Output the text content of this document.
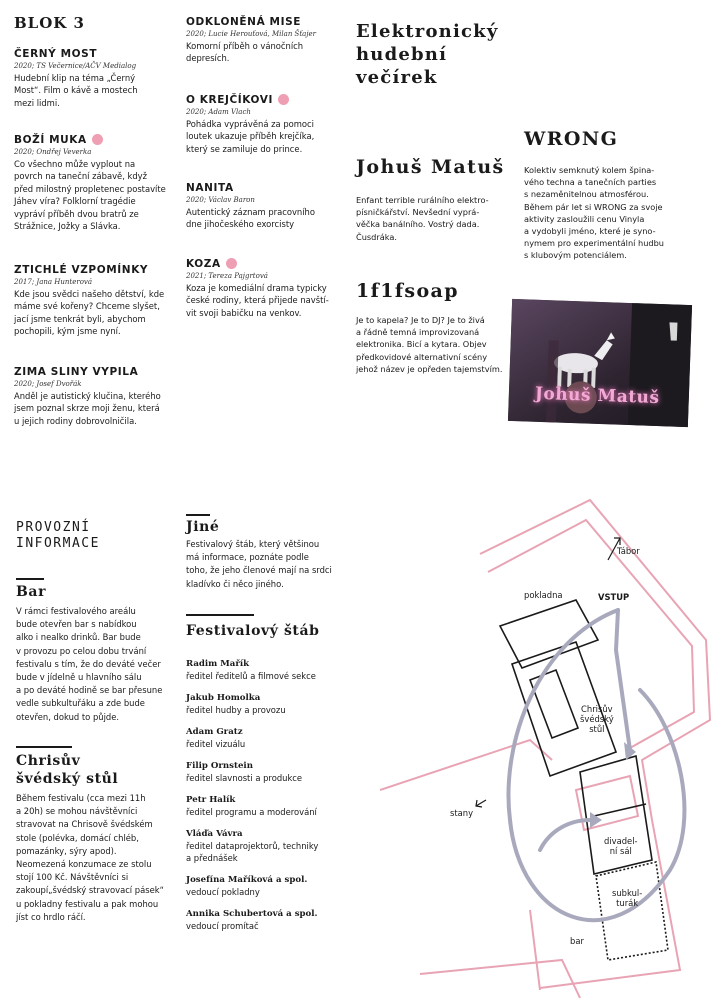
BLOK 3
ČERNÝ MOST
2020; TS Večernice/AČV Medialog
Hudební klip na téma „Černý
Most“. Film o kávě a mostech
mezi lidmi.
BOŽÍ MUKA
2020; Ondřej Veverka
Co všechno může vyplout na
povrch na taneční zábavě, když
před milostný propletenec postavíte
Jáhev víra? Folklorní tragédie
vypráví příběh dvou bratrů ze
Strážnice, Jožky a Slávka.
ZTICHLÉ VZPOMÍNKY
2017; Jana Hunterová
Kde jsou svědci našeho dětství, kde
máme své kořeny? Chceme slyšet,
jací jsme tenkrát byli, abychom
pochopili, kým jsme nyní.
ZIMA SLINY VYPILA
2020; Josef Dvořák
Anděl je autistický klučina, kterého
jsem poznal skrze moji ženu, která
u jejich rodiny dobrovolničila.
ODKLONĚNÁ MISE
2020; Lucie Herouťová, Milan Šťajer
Komorní příběh o vánočních
depresích.
O KREJČÍKOVI
2020; Adam Vlach
Pohádka vyprávěná za pomoci
loutek ukazuje příběh krejčíka,
který se zamiluje do prince.
NANITA
2020; Václav Baron
Autentický záznam pracovního
dne jihočeského exorcisty
KOZA
2021; Tereza Pajgrtová
Koza je komediální drama typicky
české rodiny, která přijede navští-
vit svoji babičku na venkov.
Elektronický
hudební
večírek
Johuš Matuš
Enfant terrible rurálního elektro-
písničkářství. Nevšední vyprá-
věčka banálního. Vostrý dada.
Čusdráka.
1f1fsoap
Je to kapela? Je to DJ? Je to živá
a řádně temná improvizovaná
elektronika. Bicí a kytara. Objev
předkovidové alternativní scény
jehož název je opředen tajemstvím.
WRONG
Kolektiv semknutý kolem špina-
vého techna a tanečních parties
s nezaměnitelnou atmosférou.
Během pár let si WRONG za svoje
aktivity zasloužili cenu Vinyla
a vydobyli jméno, které je syno-
nymem pro experimentální hudbu
s klubovým potenciálem.
Johuš Matuš
PROVOZNÍ
INFORMACE
Bar
V rámci festivalového areálu
bude otevřen bar s nabídkou
alko i nealko drinků. Bar bude
v provozu po celou dobu trvání
festivalu s tím, že do deváté večer
bude v jídelně u hlavního sálu
a po deváté hodině se bar přesune
vedle subkultuřáku a zde bude
otevřen, dokud to půjde.
Chrisův
švédský stůl
Během festivalu (cca mezi 11h
a 20h) se mohou návštěvníci
stravovat na Chrisově švédském
stole (polévka, domácí chléb,
pomazánky, sýry apod).
Neomezená konzumace ze stolu
stojí 100 Kč. Návštěvníci si
zakoupí„švédský stravovací pásek“
u pokladny festivalu a pak mohou
jíst co hrdlo ráčí.
Jiné
Festivalový štáb, který většinou
má informace, poznáte podle
toho, že jeho členové mají na srdci
kladívko či něco jiného.
Festivalový štáb
Radim Mařík
ředitel ředitelů a filmové sekce
Jakub Homolka
ředitel hudby a provozu
Adam Gratz
ředitel vizuálu
Filip Ornstein
ředitel slavnosti a produkce
Petr Halík
ředitel programu a moderování
Vláďa Vávra
ředitel dataprojektorů, techniky
a přednášek
Josefína Maříková a spol.
vedoucí pokladny
Annika Schubertová a spol.
vedoucí promítač
Tábor
pokladna	VSTUP
Chrisův
švédský
stůl
stany
divadel-
ní sál
subkul-
turák
bar
